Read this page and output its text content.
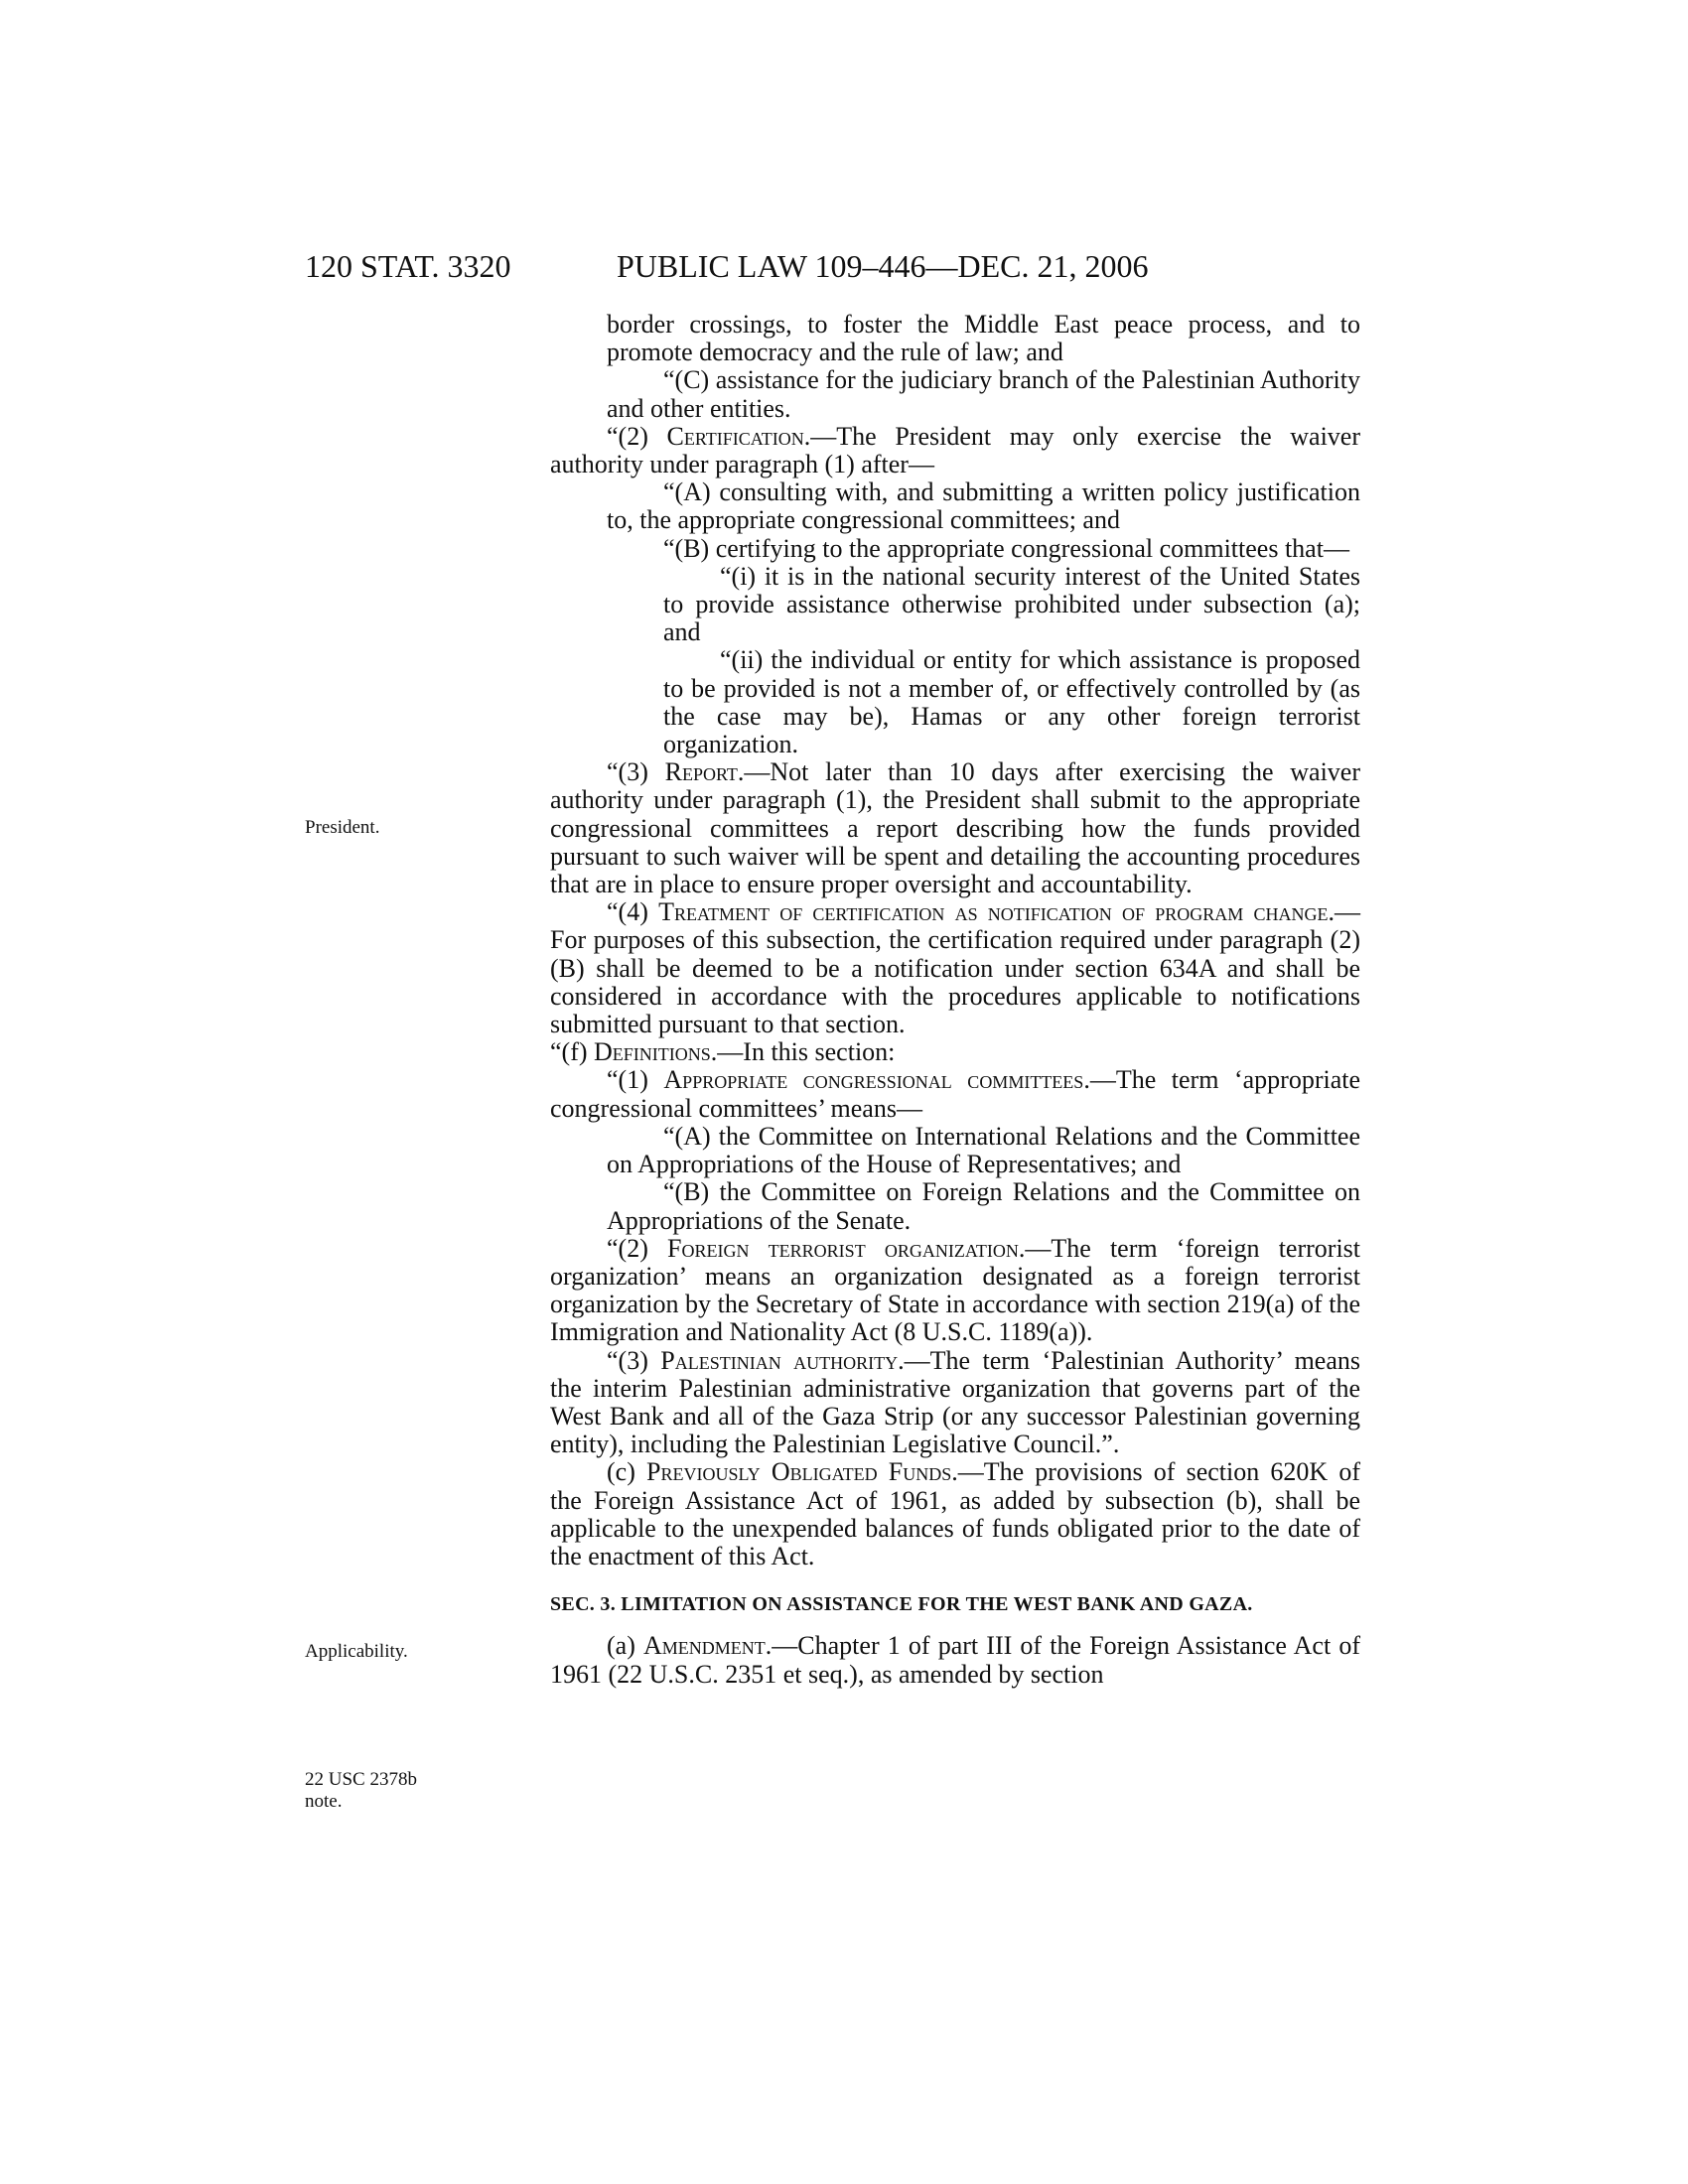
120 STAT. 3320	PUBLIC LAW 109–446—DEC. 21, 2006
President.
Applicability.
22 USC 2378b
note.

border crossings, to foster the Middle East peace process, and to promote democracy and the rule of law; and

“(C) assistance for the judiciary branch of the Palestinian Authority and other entities.

“(2) Certification.—The President may only exercise the waiver authority under paragraph (1) after—

“(A) consulting with, and submitting a written policy justification to, the appropriate congressional committees; and

“(B) certifying to the appropriate congressional committees that—

“(i) it is in the national security interest of the United States to provide assistance otherwise prohibited under subsection (a); and

“(ii) the individual or entity for which assistance is proposed to be provided is not a member of, or effectively controlled by (as the case may be), Hamas or any other foreign terrorist organization.

“(3) Report.—Not later than 10 days after exercising the waiver authority under paragraph (1), the President shall submit to the appropriate congressional committees a report describing how the funds provided pursuant to such waiver will be spent and detailing the accounting procedures that are in place to ensure proper oversight and accountability.

“(4) Treatment of certification as notification of program change.—For purposes of this subsection, the certification required under paragraph (2)(B) shall be deemed to be a notification under section 634A and shall be considered in accordance with the procedures applicable to notifications submitted pursuant to that section.

“(f) Definitions.—In this section:

“(1) Appropriate congressional committees.—The term ‘appropriate congressional committees’ means—

“(A) the Committee on International Relations and the Committee on Appropriations of the House of Representatives; and

“(B) the Committee on Foreign Relations and the Committee on Appropriations of the Senate.

“(2) Foreign terrorist organization.—The term ‘foreign terrorist organization’ means an organization designated as a foreign terrorist organization by the Secretary of State in accordance with section 219(a) of the Immigration and Nationality Act (8 U.S.C. 1189(a)).

“(3) Palestinian authority.—The term ‘Palestinian Authority’ means the interim Palestinian administrative organization that governs part of the West Bank and all of the Gaza Strip (or any successor Palestinian governing entity), including the Palestinian Legislative Council.”.

(c) Previously Obligated Funds.—The provisions of section 620K of the Foreign Assistance Act of 1961, as added by subsection (b), shall be applicable to the unexpended balances of funds obligated prior to the date of the enactment of this Act.

SEC. 3. LIMITATION ON ASSISTANCE FOR THE WEST BANK AND GAZA.

(a) Amendment.—Chapter 1 of part III of the Foreign Assistance Act of 1961 (22 U.S.C. 2351 et seq.), as amended by section
